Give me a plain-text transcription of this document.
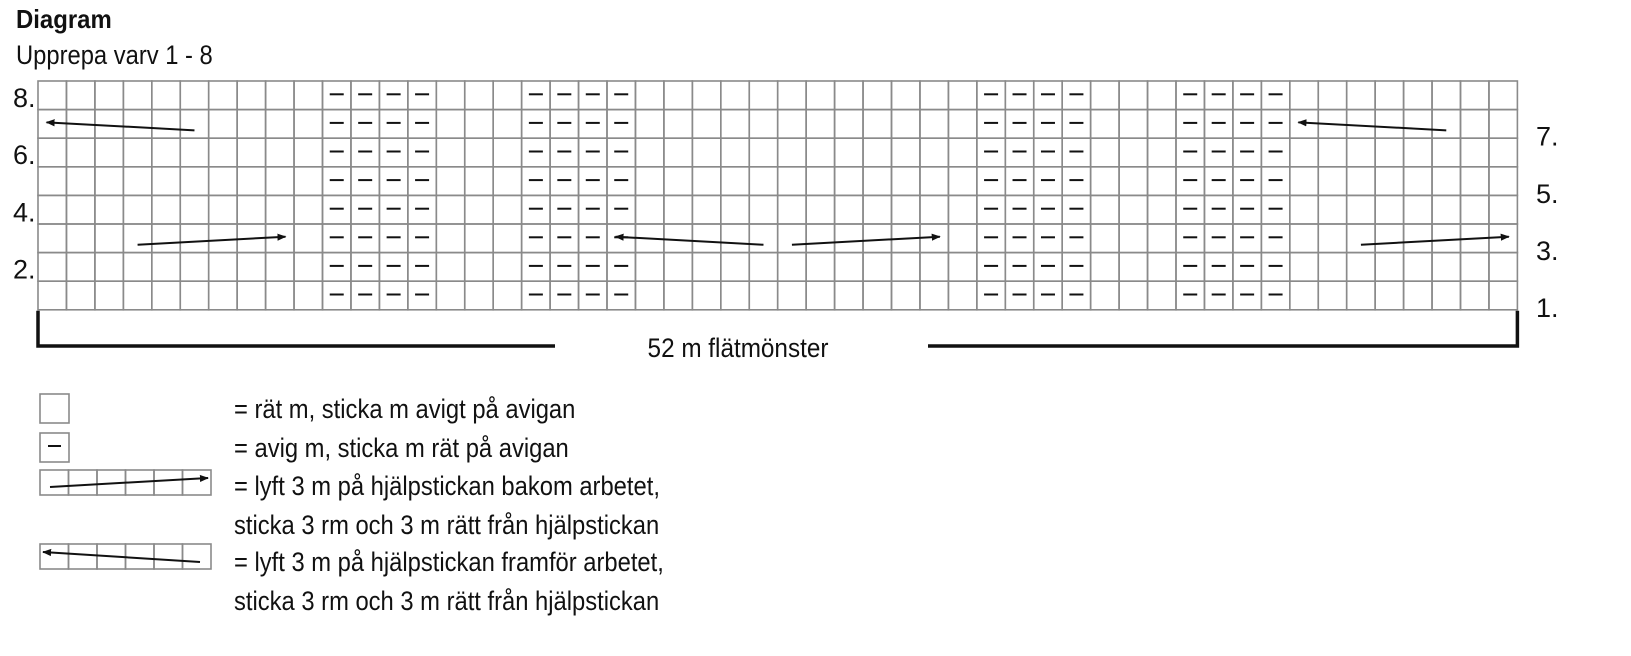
Diagram
Upprepa varv 1 - 8
8.
6.
4.
2.
7.
5.
3.
1.
52 m flätmönster
= rät m, sticka m avigt på avigan
= avig m, sticka m rät på avigan
= lyft 3 m på hjälpstickan bakom arbetet,
sticka 3 rm och 3 m rätt från hjälpstickan
= lyft 3 m på hjälpstickan framför arbetet,
sticka 3 rm och 3 m rätt från hjälpstickan
